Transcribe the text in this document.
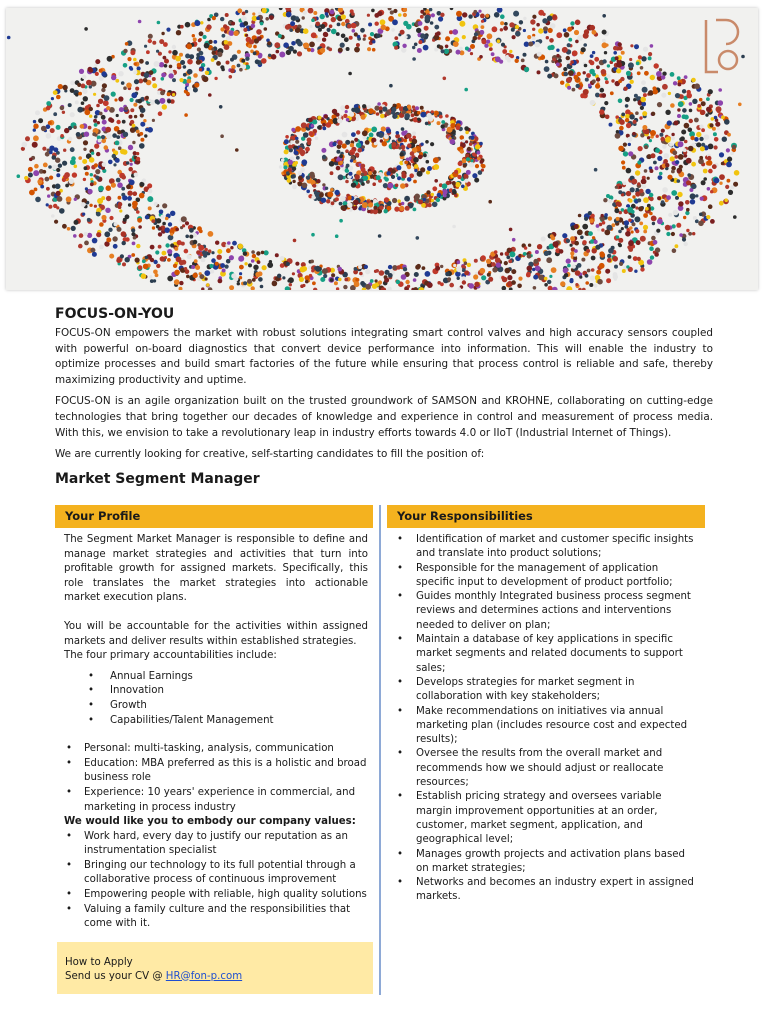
FOCUS-ON-YOU

FOCUS-ON empowers the market with robust solutions integrating smart control valves and high accuracy sensors coupled with powerful on-board diagnostics that convert device performance into information. This will enable the industry to optimize processes and build smart factories of the future while ensuring that process control is reliable and safe, thereby maximizing productivity and uptime.

FOCUS-ON is an agile organization built on the trusted groundwork of SAMSON and KROHNE, collaborating on cutting-edge technologies that bring together our decades of knowledge and experience in control and measurement of process media. With this, we envision to take a revolutionary leap in industry efforts towards 4.0 or IIoT (Industrial Internet of Things).

We are currently looking for creative, self-starting candidates to fill the position of:

Market Segment Manager
Your Profile	Your Responsibilities

The Segment Market Manager is responsible to define and manage market strategies and activities that turn into profitable growth for assigned markets. Specifically, this role translates the market strategies into actionable market execution plans.

You will be accountable for the activities within assigned markets and deliver results within established strategies.

The four primary accountabilities include:

• Annual Earnings
• Innovation
• Growth
• Capabilities/Talent Management
• Personal: multi-tasking, analysis, communication
• Education: MBA preferred as this is a holistic and broad business role
• Experience: 10 years' experience in commercial, and marketing in process industry

We would like you to embody our company values:

• Work hard, every day to justify our reputation as an instrumentation specialist
• Bringing our technology to its full potential through a collaborative process of continuous improvement
• Empowering people with reliable, high quality solutions
• Valuing a family culture and the responsibilities that come with it.
How to Apply
Send us your CV @ HR@fon-p.com
• Identification of market and customer specific insights and translate into product solutions;
• Responsible for the management of application specific input to development of product portfolio;
• Guides monthly Integrated business process segment reviews and determines actions and interventions needed to deliver on plan;
• Maintain a database of key applications in specific market segments and related documents to support sales;
• Develops strategies for market segment in collaboration with key stakeholders;
• Make recommendations on initiatives via annual marketing plan (includes resource cost and expected results);
• Oversee the results from the overall market and recommends how we should adjust or reallocate resources;
• Establish pricing strategy and oversees variable margin improvement opportunities at an order, customer, market segment, application, and geographical level;
• Manages growth projects and activation plans based on market strategies;
• Networks and becomes an industry expert in assigned markets.
